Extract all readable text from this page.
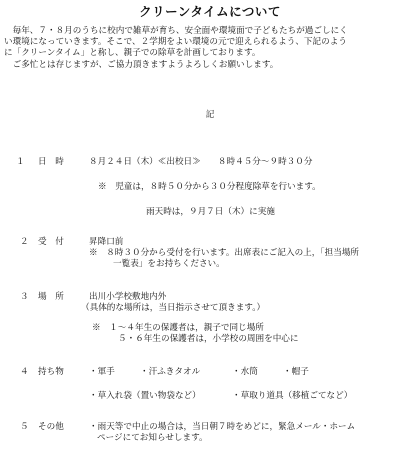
クリーンタイムについて
　毎年、７・８月のうちに校内で雑草が育ち、安全面や環境面で子どもたちが過ごしにく
い環境になっていきます。そこで、２学期をよい環境の元で迎えられるよう、下記のよう
に「クリーンタイム」と称し、親子での除草を計画しております。
　ご多忙とは存じますが、ご協力頂きますようよろしくお願いします。
記
１ 日　時	８月２４日（木）≪出校日≫　　８時４５分～９時３０分
※　児童は，８時５０分から３０分程度除草を行います。
雨天時は，９月７日（木）に実施
２ 受　付	昇降口前
※　８時３０分から受付を行います。出席表にご記入の上，「担当場所
一覧表」をお持ちください。
３ 場　所	出川小学校敷地内外
（具体的な場所は，当日指示させて頂きます。）
※　１～４年生の保護者は，親子で同じ場所
５・６年生の保護者は，小学校の周囲を中心に
４ 持ち物	・軍手	・汗ふきタオル	・水筒	・帽子
・草入れ袋（置い物袋など）	・草取り道具（移植ごてなど）
５ その他	・雨天等で中止の場合は，当日朝７時をめどに，緊急メール・ホーム
ページにてお知らせします。
